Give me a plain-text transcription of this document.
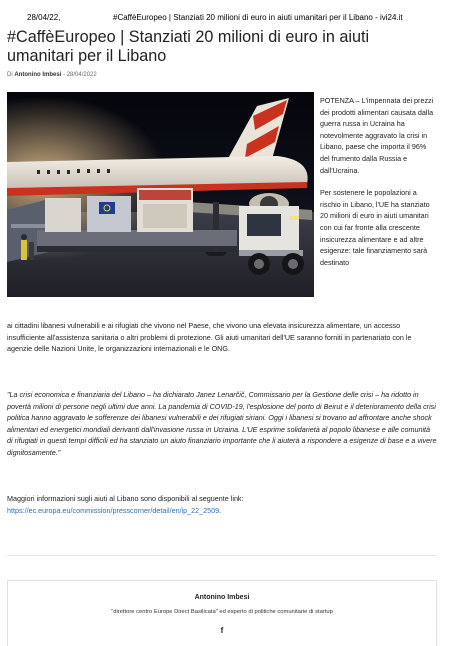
28/04/22,	#CaffèEuropeo | Stanziati 20 milioni di euro in aiuti umanitari per il Libano - ivi24.it
#CaffèEuropeo | Stanziati 20 milioni di euro in aiuti umanitari per il Libano
Di Antonino Imbesi - 28/04/2022

POTENZA – L'impennata dei prezzi dei prodotti alimentari causata dalla guerra russa in Ucraina ha notevolmente aggravato la crisi in Libano, paese che importa il 96% del frumento dalla Russia e dall'Ucraina.

Per sostenere le popolazioni a rischio in Libano, l'UE ha stanziato 20 milioni di euro in aiuti umanitari con cui far fronte alla crescente insicurezza alimentare e ad altre esigenze: tale finanziamento sarà destinato

ai cittadini libanesi vulnerabili e ai rifugiati che vivono nel Paese, che vivono una elevata insicurezza alimentare, un accesso insufficiente all'assistenza sanitaria o altri problemi di protezione. Gli aiuti umanitari dell'UE saranno forniti in partenariato con le agenzie delle Nazioni Unite, le organizzazioni internazionali e le ONG.

"La crisi economica e finanziaria del Libano – ha dichiarato Janez Lenarčič, Commissario per la Gestione delle crisi – ha ridotto in povertà milioni di persone negli ultimi due anni. La pandemia di COVID-19, l'esplosione del porto di Beirut e il deterioramento della crisi politica hanno aggravato le sofferenze dei libanesi vulnerabili e dei rifugiati siriani. Oggi i libanesi si trovano ad affrontare anche shock alimentari ed energetici mondiali derivanti dall'invasione russa in Ucraina. L'UE esprime solidarietà al popolo libanese e alle comunità di rifugiati in questi tempi difficili ed ha stanziato un aiuto finanziario importante che li aiuterà a rispondere a esigenze di base e a vivere dignitosamente."

Maggiori informazioni sugli aiuti al Libano sono disponibili al seguente link:
https://ec.europa.eu/commission/presscorner/detail/en/ip_22_2509.
Antonino Imbesi
"direttore centro Europe Direct Basilicata" ed esperto di politiche comunitarie di startup
f
